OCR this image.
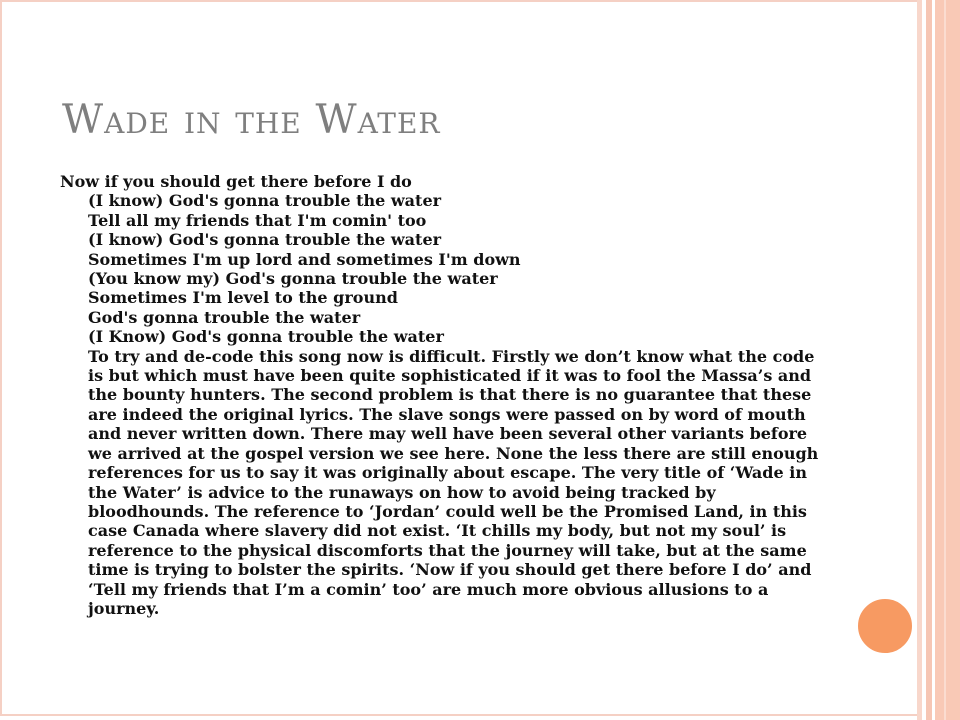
Wade in the Water
Now if you should get there before I do
(I know) God's gonna trouble the water
Tell all my friends that I'm comin' too
(I know) God's gonna trouble the water
Sometimes I'm up lord and sometimes I'm down
(You know my) God's gonna trouble the water
Sometimes I'm level to the ground
God's gonna trouble the water
(I Know) God's gonna trouble the water

To try and de-code this song now is difficult. Firstly we don’t know what the code is but which must have been quite sophisticated if it was to fool the Massa’s and the bounty hunters. The second problem is that there is no guarantee that these are indeed the original lyrics. The slave songs were passed on by word of mouth and never written down. There may well have been several other variants before we arrived at the gospel version we see here. None the less there are still enough references for us to say it was originally about escape. The very title of ‘Wade in the Water’ is advice to the runaways on how to avoid being tracked by bloodhounds. The reference to ‘Jordan’ could well be the Promised Land, in this case Canada where slavery did not exist. ‘It chills my body, but not my soul’ is reference to the physical discomforts that the journey will take, but at the same time is trying to bolster the spirits. ‘Now if you should get there before I do’ and ‘Tell my friends that I’m a comin’ too’ are much more obvious allusions to a journey.
